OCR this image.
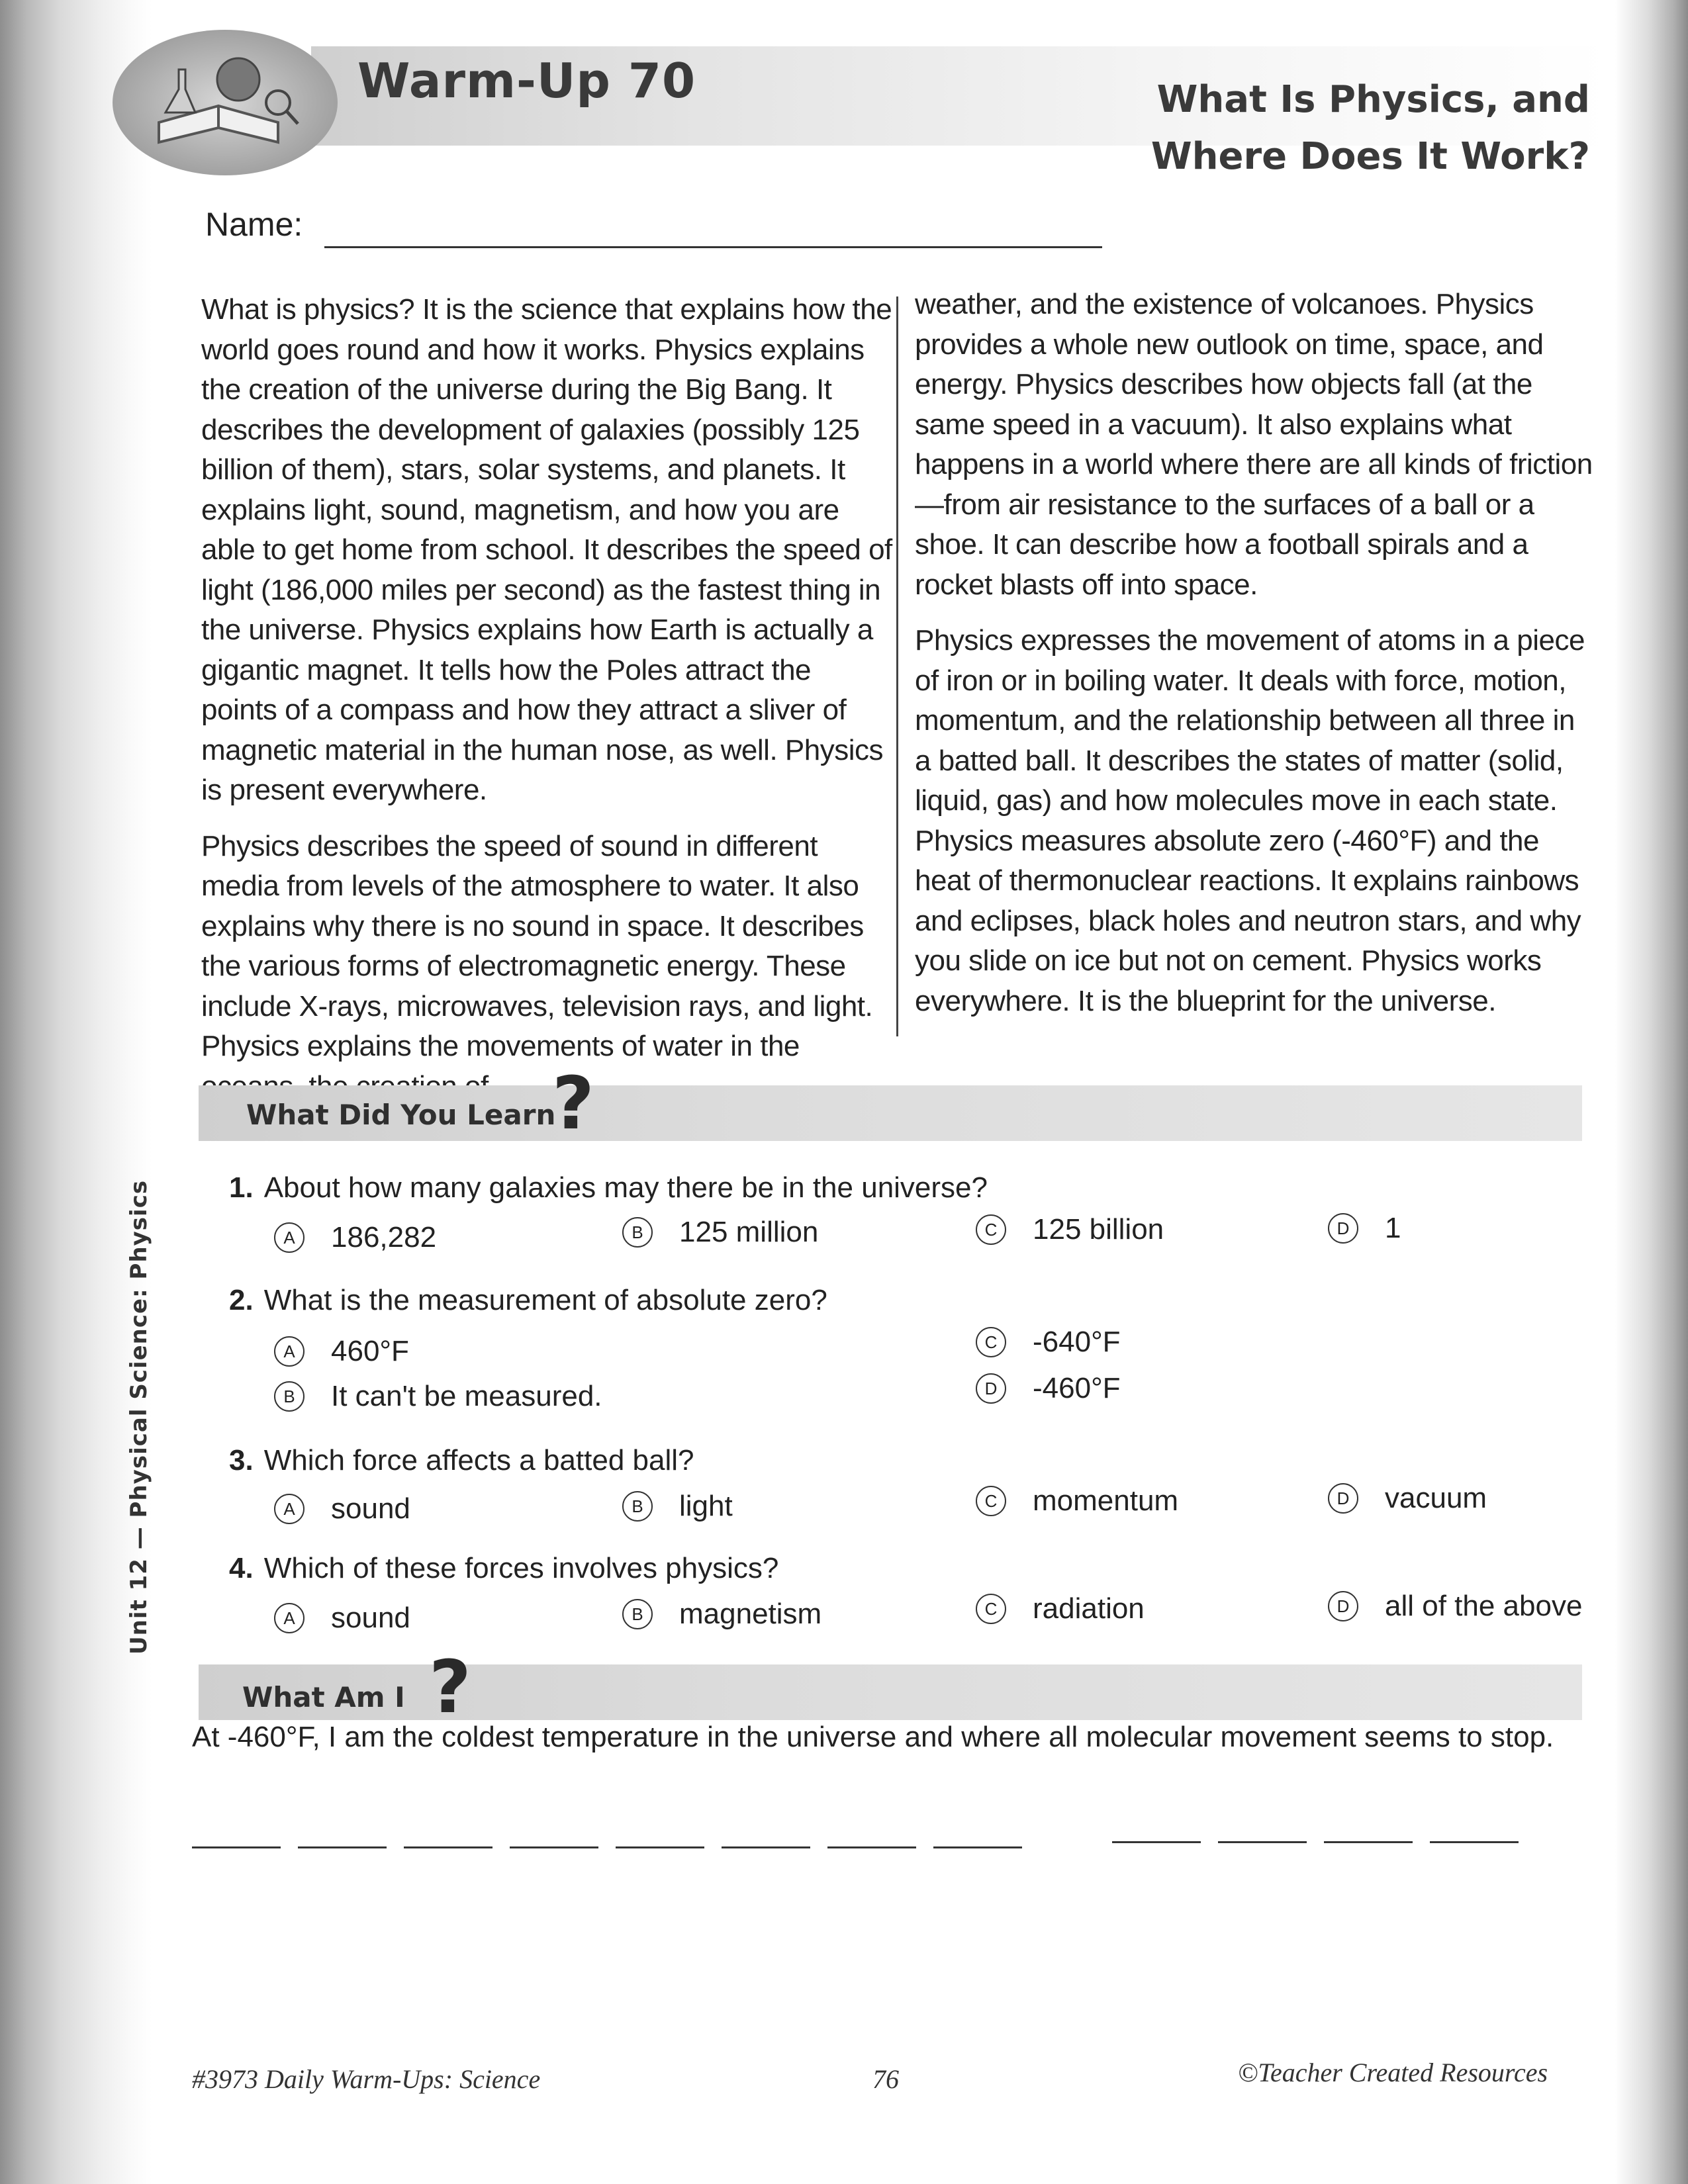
Warm-Up 70	What Is Physics, and
Where Does It Work?
Name:
Unit 12 — Physical Science: Physics

What is physics? It is the science that explains how the world goes round and how it works. Physics explains the creation of the universe during the Big Bang. It describes the development of galaxies (possibly 125 billion of them), stars, solar systems, and planets. It explains light, sound, magnetism, and how you are able to get home from school. It describes the speed of light (186,000 miles per second) as the fastest thing in the universe. Physics explains how Earth is actually a gigantic magnet. It tells how the Poles attract the points of a compass and how they attract a sliver of magnetic material in the human nose, as well. Physics is present everywhere.

Physics describes the speed of sound in different media from levels of the atmosphere to water. It also explains why there is no sound in space. It describes the various forms of electromagnetic energy. These include X-rays, microwaves, television rays, and light. Physics explains the movements of water in the

weather, and the existence of volcanoes. Physics provides a whole new outlook on time, space, and energy. Physics describes how objects fall (at the same speed in a vacuum). It also explains what happens in a world where there are all kinds of friction—from air resistance to the surfaces of a ball or a shoe. It can describe how a football spirals and a rocket blasts off into space.

Physics expresses the movement of atoms in a piece of iron or in boiling water. It deals with force, motion, momentum, and the relationship between all three in a batted ball. It describes the states of matter (solid, liquid, gas) and how molecules move in each state. Physics measures absolute zero (-460°F) and the heat of thermonuclear reactions. It explains rainbows and eclipses, black holes and neutron stars, and why you slide on ice but not on cement. Physics works everywhere. It is the blueprint for the universe.

What Did You Learn
?
1. About how many galaxies may there be in the universe?
A	186,282	B	125 million	C	125 billion	D	1
2. What is the measurement of absolute zero?
A	460°F
B	It can't be measured.
C	-640°F
D	-460°F
3. Which force affects a batted ball?
A	sound	B	light	C	momentum	D	vacuum
4. Which of these forces involves physics?
A	sound	B	magnetism	C	radiation	D	all of the above
What Am I ?
At -460°F, I am the coldest temperature in the universe and where all molecular movement seems to stop.
#3973 Daily Warm-Ups: Science	76	©Teacher Created Resources
